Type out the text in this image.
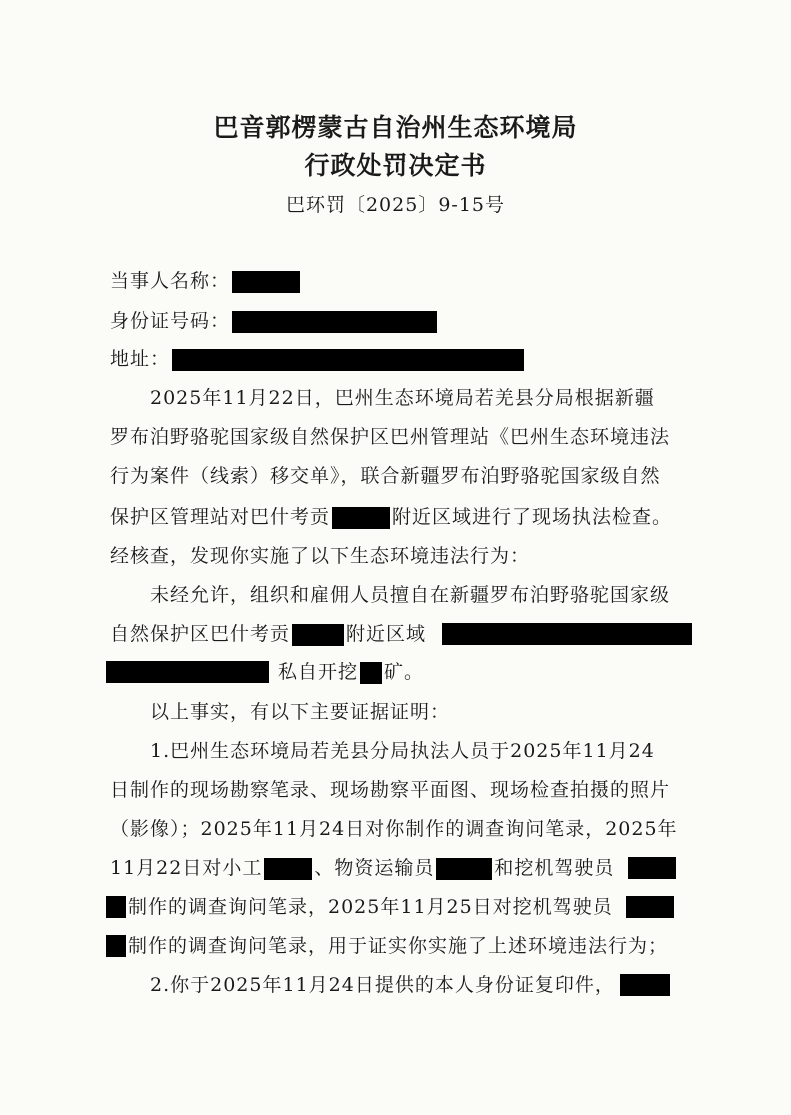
巴音郭楞蒙古自治州生态环境局
行政处罚决定书
巴环罚〔2025〕9-15号
当事人名称：
身份证号码：
地址：
2025年11月22日，巴州生态环境局若羌县分局根据新疆
罗布泊野骆驼国家级自然保护区巴州管理站《巴州生态环境违法
行为案件（线索）移交单》，联合新疆罗布泊野骆驼国家级自然
保护区管理站对巴什考贡	附近区域进行了现场执法检查。
经核查，发现你实施了以下生态环境违法行为：
未经允许，组织和雇佣人员擅自在新疆罗布泊野骆驼国家级
自然保护区巴什考贡	附近区域
私自开挖 矿。
以上事实，有以下主要证据证明：
1.巴州生态环境局若羌县分局执法人员于2025年11月24
日制作的现场勘察笔录、现场勘察平面图、现场检查拍摄的照片
（影像）；2025年11月24日对你制作的调查询问笔录，2025年
11月22日对小工	、物资运输员	和挖机驾驶员
制作的调查询问笔录，2025年11月25日对挖机驾驶员
制作的调查询问笔录，用于证实你实施了上述环境违法行为；
2.你于2025年11月24日提供的本人身份证复印件，
